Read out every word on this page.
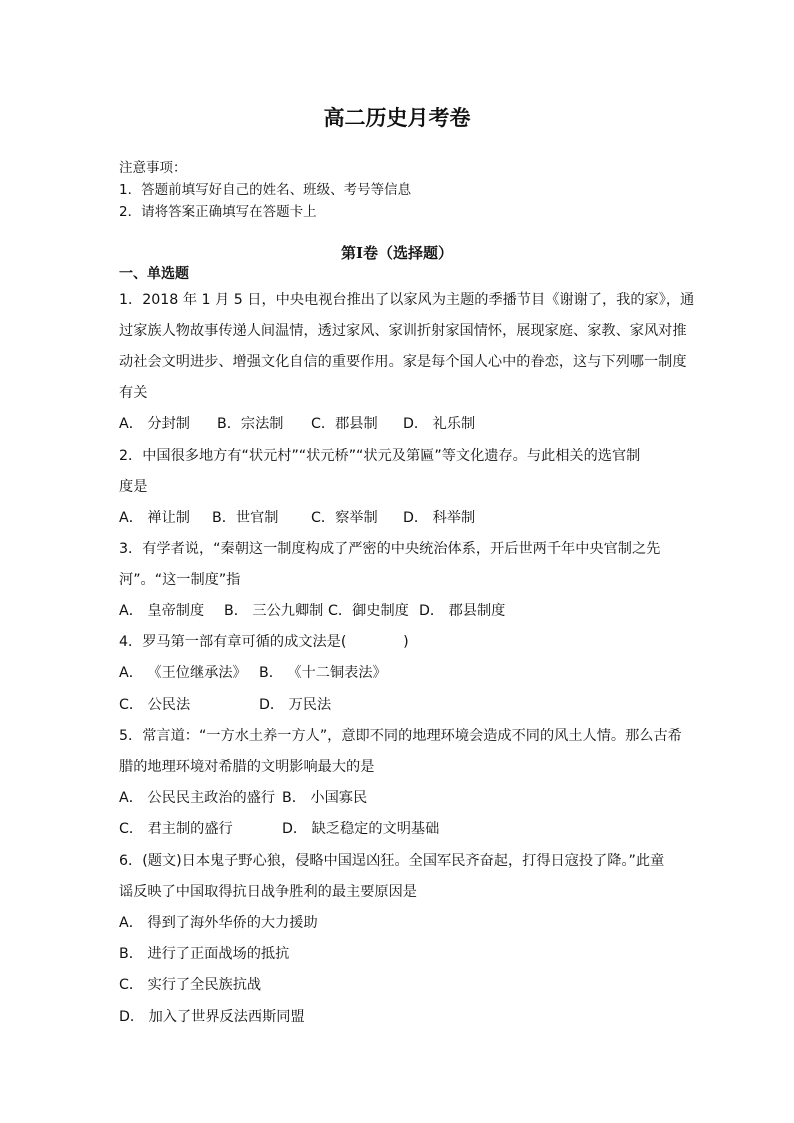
高二历史月考卷
注意事项：
1．答题前填写好自己的姓名、班级、考号等信息
2．请将答案正确填写在答题卡上
第I卷（选择题）
一、单选题
1．2018 年 1 月 5 日，中央电视台推出了以家风为主题的季播节目《谢谢了，我的家》，通
过家族人物故事传递人间温情，透过家风、家训折射家国情怀，展现家庭、家教、家风对推
动社会文明进步、增强文化自信的重要作用。家是每个国人心中的眷恋，这与下列哪一制度
有关
A． 分封制 B．宗法制 C．郡县制 D． 礼乐制
2．中国很多地方有“状元村”“状元桥”“状元及第匾”等文化遗存。与此相关的选官制
度是
A． 禅让制 B．世官制 C．察举制 D． 科举制
3．有学者说，“秦朝这一制度构成了严密的中央统治体系，开后世两千年中央官制之先
河”。“这一制度”指
A． 皇帝制度 B． 三公九卿制 C．御史制度 D． 郡县制度
4．罗马第一部有章可循的成文法是(　　　　)
A． 《王位继承法》 B． 《十二铜表法》
C． 公民法	D． 万民法
5．常言道：“一方水土养一方人”，意即不同的地理环境会造成不同的风土人情。那么古希
腊的地理环境对希腊的文明影响最大的是
A． 公民民主政治的盛行 B． 小国寡民
C． 君主制的盛行	D． 缺乏稳定的文明基础
6．(题文)日本鬼子野心狼，侵略中国逞凶狂。全国军民齐奋起，打得日寇投了降。”此童
谣反映了中国取得抗日战争胜利的最主要原因是
A． 得到了海外华侨的大力援助
B． 进行了正面战场的抵抗
C． 实行了全民族抗战
D． 加入了世界反法西斯同盟
